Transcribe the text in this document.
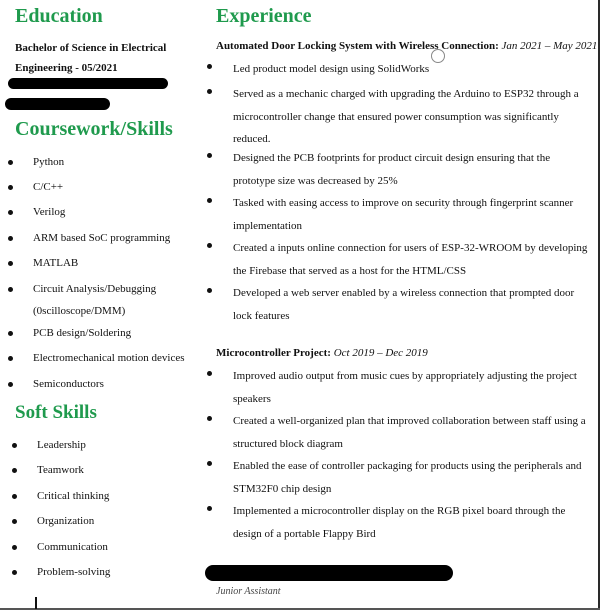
Education
Bachelor of Science in Electrical
Engineering - 05/2021
Coursework/Skills
Python
C/C++
Verilog
ARM based SoC programming
MATLAB
Circuit Analysis/Debugging
(0scilloscope/DMM)
PCB design/Soldering
Electromechanical motion devices
Semiconductors
Soft Skills
Leadership
Teamwork
Critical thinking
Organization
Communication
Problem-solving
Experience
Automated Door Locking System with Wireless Connection: Jan 2021 – May 2021
Led product model design using SolidWorks
Served as a mechanic charged with upgrading the Arduino to ESP32 through a microcontroller change that ensured power consumption was significantly reduced.
Designed the PCB footprints for product circuit design ensuring that the prototype size was decreased by 25%
Tasked with easing access to improve on security through fingerprint scanner implementation
Created a inputs online connection for users of ESP-32-WROOM by developing the Firebase that served as a host for the HTML/CSS
Developed a web server enabled by a wireless connection that prompted door lock features
Microcontroller Project: Oct 2019 – Dec 2019
Improved audio output from music cues by appropriately adjusting the project speakers
Created a well-organized plan that improved collaboration between staff using a structured block diagram
Enabled the ease of controller packaging for products using the peripherals and STM32F0 chip design
Implemented a microcontroller display on the RGB pixel board through the design of a portable Flappy Bird
Junior Assistant
